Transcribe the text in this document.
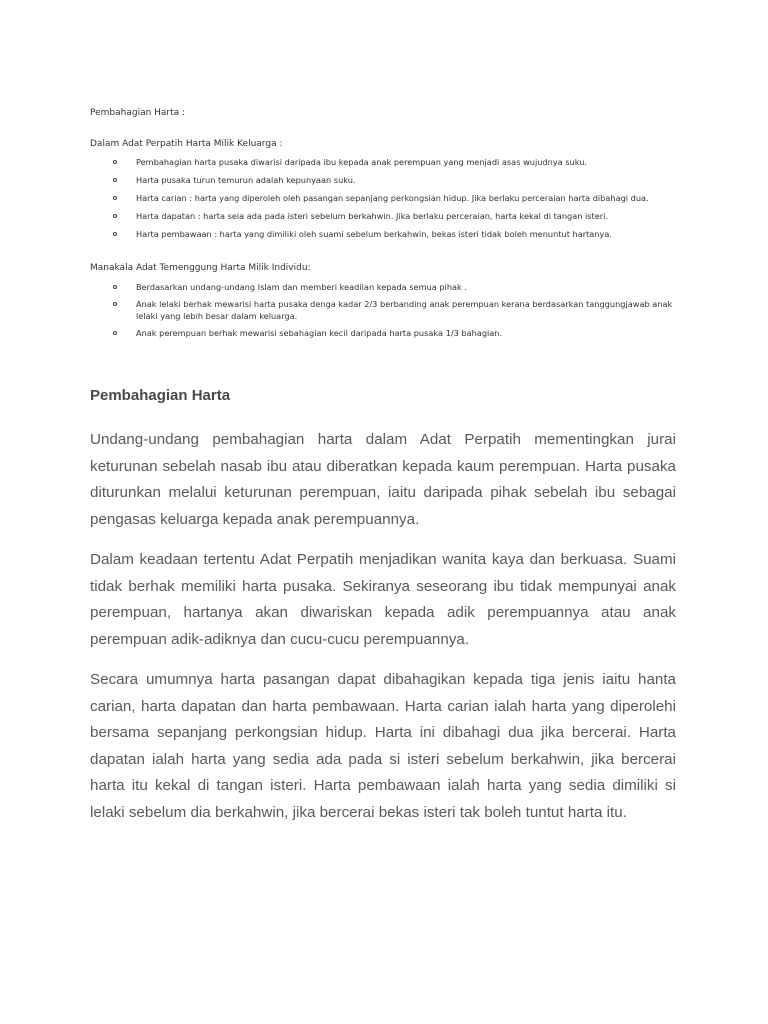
Pembahagian Harta :

Dalam Adat Perpatih Harta Milik Keluarga :

Pembahagian harta pusaka diwarisi daripada ibu kepada anak perempuan yang menjadi asas wujudnya suku.
Harta pusaka turun temurun adalah kepunyaan suku.
Harta carian : harta yang diperoleh oleh pasangan sepanjang perkongsian hidup. Jika berlaku perceraian harta dibahagi dua.
Harta dapatan : harta seia ada pada isteri sebelum berkahwin. Jika berlaku perceraian, harta kekal di tangan isteri.
Harta pembawaan : harta yang dimiliki oleh suami sebelum berkahwin, bekas isteri tidak boleh menuntut hartanya.

Manakala Adat Temenggung Harta Milik Individu:

Berdasarkan undang-undang Islam dan memberi keadilan kepada semua pihak .
Anak lelaki berhak mewarisi harta pusaka denga kadar 2/3 berbanding anak perempuan kerana berdasarkan tanggungjawab anak lelaki yang lebih besar dalam keluarga.
Anak perempuan berhak mewarisi sebahagian kecil daripada harta pusaka 1/3 bahagian.
Pembahagian Harta

Undang-undang pembahagian harta dalam Adat Perpatih mementingkan jurai keturunan sebelah nasab ibu atau diberatkan kepada kaum perempuan. Harta pusaka diturunkan melalui keturunan perempuan, iaitu daripada pihak sebelah ibu sebagai pengasas keluarga kepada anak perempuannya.

Dalam keadaan tertentu Adat Perpatih menjadikan wanita kaya dan berkuasa. Suami tidak berhak memiliki harta pusaka. Sekiranya seseorang ibu tidak mempunyai anak perempuan, hartanya akan diwariskan kepada adik perempuannya atau anak perempuan adik-adiknya dan cucu-cucu perempuannya.

Secara umumnya harta pasangan dapat dibahagikan kepada tiga jenis iaitu hanta carian, harta dapatan dan harta pembawaan. Harta carian ialah harta yang diperolehi bersama sepanjang perkongsian hidup. Harta ini dibahagi dua jika bercerai. Harta dapatan ialah harta yang sedia ada pada si isteri sebelum berkahwin, jika bercerai harta itu kekal di tangan isteri. Harta pembawaan ialah harta yang sedia dimiliki si lelaki sebelum dia berkahwin, jika bercerai bekas isteri tak boleh tuntut harta itu.
